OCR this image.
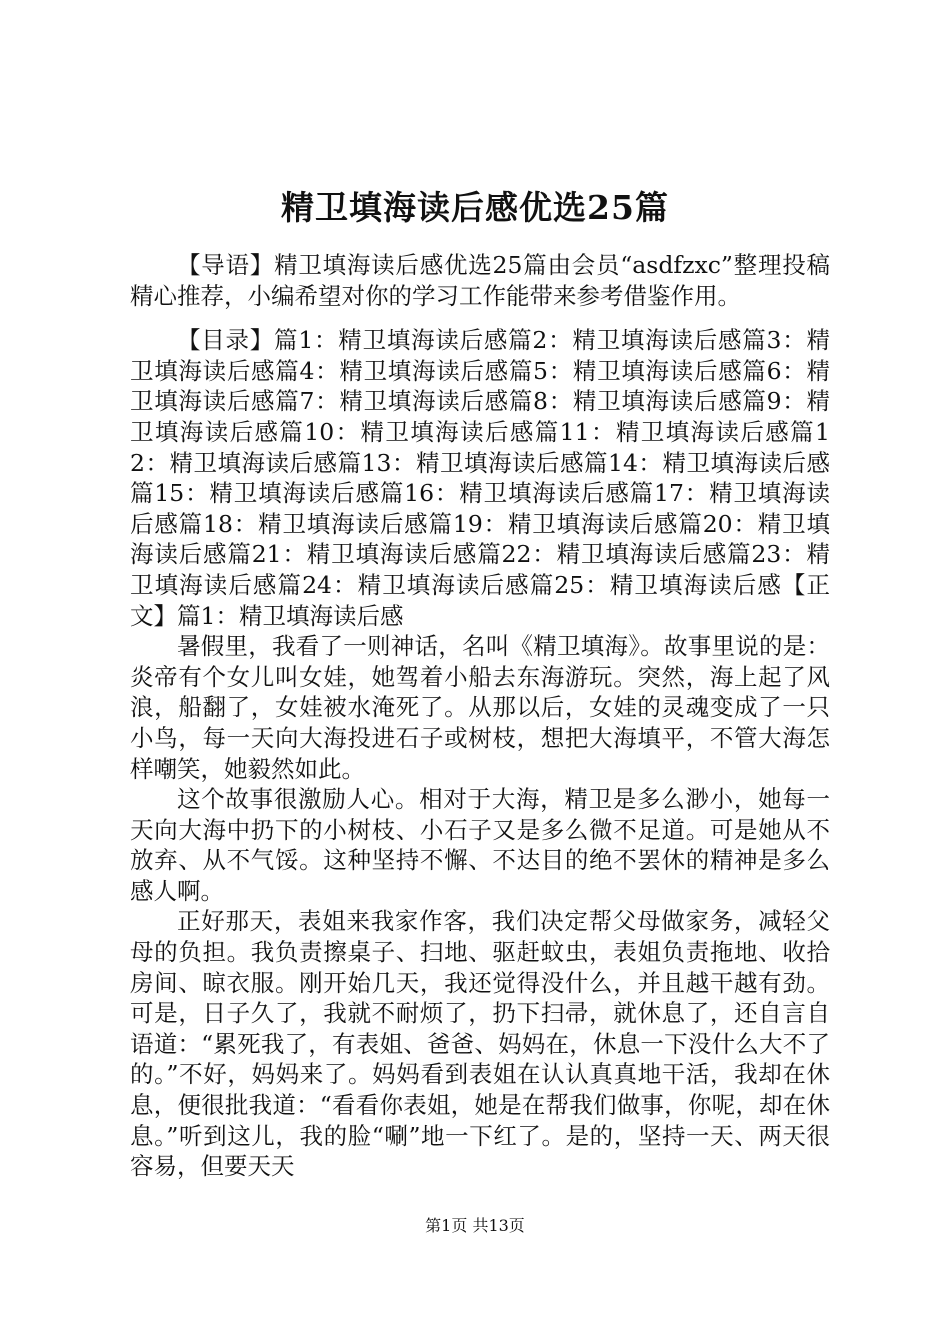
精卫填海读后感优选25篇

【导语】精卫填海读后感优选25篇由会员“asdfzxc”整理投稿精心推荐，小编希望对你的学习工作能带来参考借鉴作用。

【目录】篇1：精卫填海读后感篇2：精卫填海读后感篇3：精卫填海读后感篇4：精卫填海读后感篇5：精卫填海读后感篇6：精卫填海读后感篇7：精卫填海读后感篇8：精卫填海读后感篇9：精卫填海读后感篇10：精卫填海读后感篇11：精卫填海读后感篇12：精卫填海读后感篇13：精卫填海读后感篇14：精卫填海读后感篇15：精卫填海读后感篇16：精卫填海读后感篇17：精卫填海读后感篇18：精卫填海读后感篇19：精卫填海读后感篇20：精卫填海读后感篇21：精卫填海读后感篇22：精卫填海读后感篇23：精卫填海读后感篇24：精卫填海读后感篇25：精卫填海读后感【正文】篇1：精卫填海读后感

暑假里，我看了一则神话，名叫《精卫填海》。故事里说的是：炎帝有个女儿叫女娃，她驾着小船去东海游玩。突然，海上起了风浪，船翻了，女娃被水淹死了。从那以后，女娃的灵魂变成了一只小鸟，每一天向大海投进石子或树枝，想把大海填平，不管大海怎样嘲笑，她毅然如此。

这个故事很激励人心。相对于大海，精卫是多么渺小，她每一天向大海中扔下的小树枝、小石子又是多么微不足道。可是她从不放弃、从不气馁。这种坚持不懈、不达目的绝不罢休的精神是多么感人啊。

正好那天，表姐来我家作客，我们决定帮父母做家务，减轻父母的负担。我负责擦桌子、扫地、驱赶蚊虫，表姐负责拖地、收拾房间、晾衣服。刚开始几天，我还觉得没什么，并且越干越有劲。可是，日子久了，我就不耐烦了，扔下扫帚，就休息了，还自言自语道：“累死我了，有表姐、爸爸、妈妈在，休息一下没什么大不了的。”不好，妈妈来了。妈妈看到表姐在认认真真地干活，我却在休息，便很批我道：“看看你表姐，她是在帮我们做事，你呢，却在休息。”听到这儿，我的脸“唰”地一下红了。是的，坚持一天、两天很容易，但要天天

第1页 共13页
